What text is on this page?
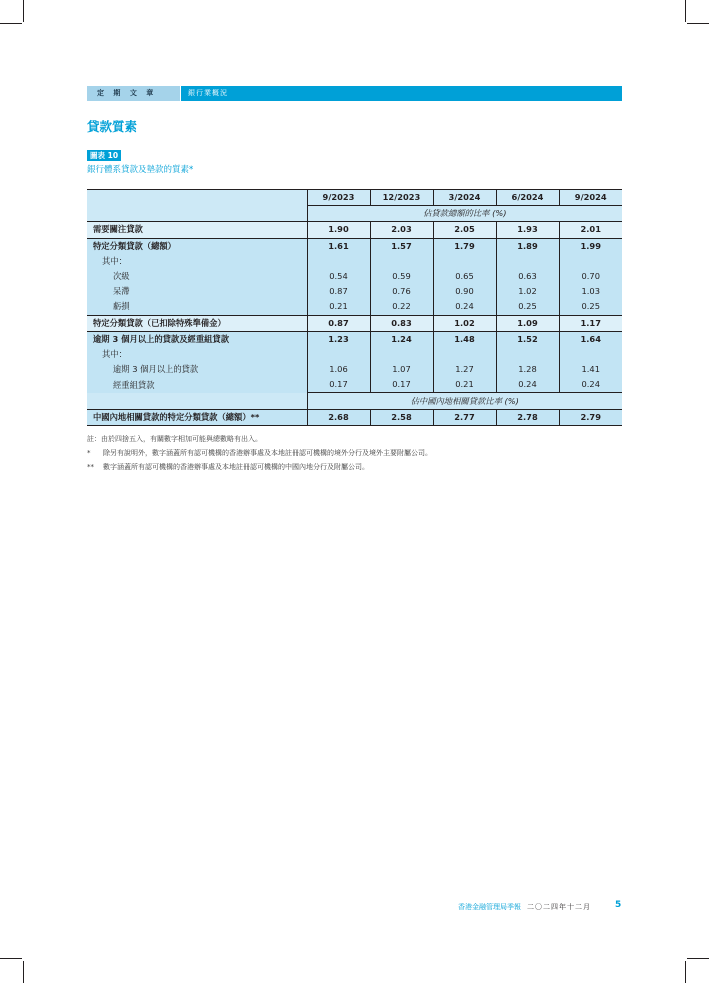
定 期 文 章	銀行業概況
貸款質素
圖表 10
銀行體系貸款及墊款的質素*
	9/2023	12/2023	3/2024	6/2024	9/2024
	佔貸款總額的比率 (%)				
需要關注貸款	1.90	2.03	2.05	1.93	2.01
特定分類貸款（總額）	1.61	1.57	1.79	1.89	1.99
其中：					
次級	0.54	0.59	0.65	0.63	0.70
呆滯	0.87	0.76	0.90	1.02	1.03
虧損	0.21	0.22	0.24	0.25	0.25
特定分類貸款（已扣除特殊準備金）	0.87	0.83	1.02	1.09	1.17
逾期 3 個月以上的貸款及經重組貸款	1.23	1.24	1.48	1.52	1.64
其中：					
逾期 3 個月以上的貸款	1.06	1.07	1.27	1.28	1.41
經重組貸款	0.17	0.17	0.21	0.24	0.24
	佔中國內地相關貸款比率 (%)				
中國內地相關貸款的特定分類貸款（總額）**	2.68	2.58	2.77	2.78	2.79
註：由於四捨五入，有關數字相加可能與總數略有出入。
*	除另有說明外，數字涵蓋所有認可機構的香港辦事處及本地註冊認可機構的境外分行及境外主要附屬公司。
**	數字涵蓋所有認可機構的香港辦事處及本地註冊認可機構的中國內地分行及附屬公司。
香港金融管理局季報 二〇二四年十二月	5
